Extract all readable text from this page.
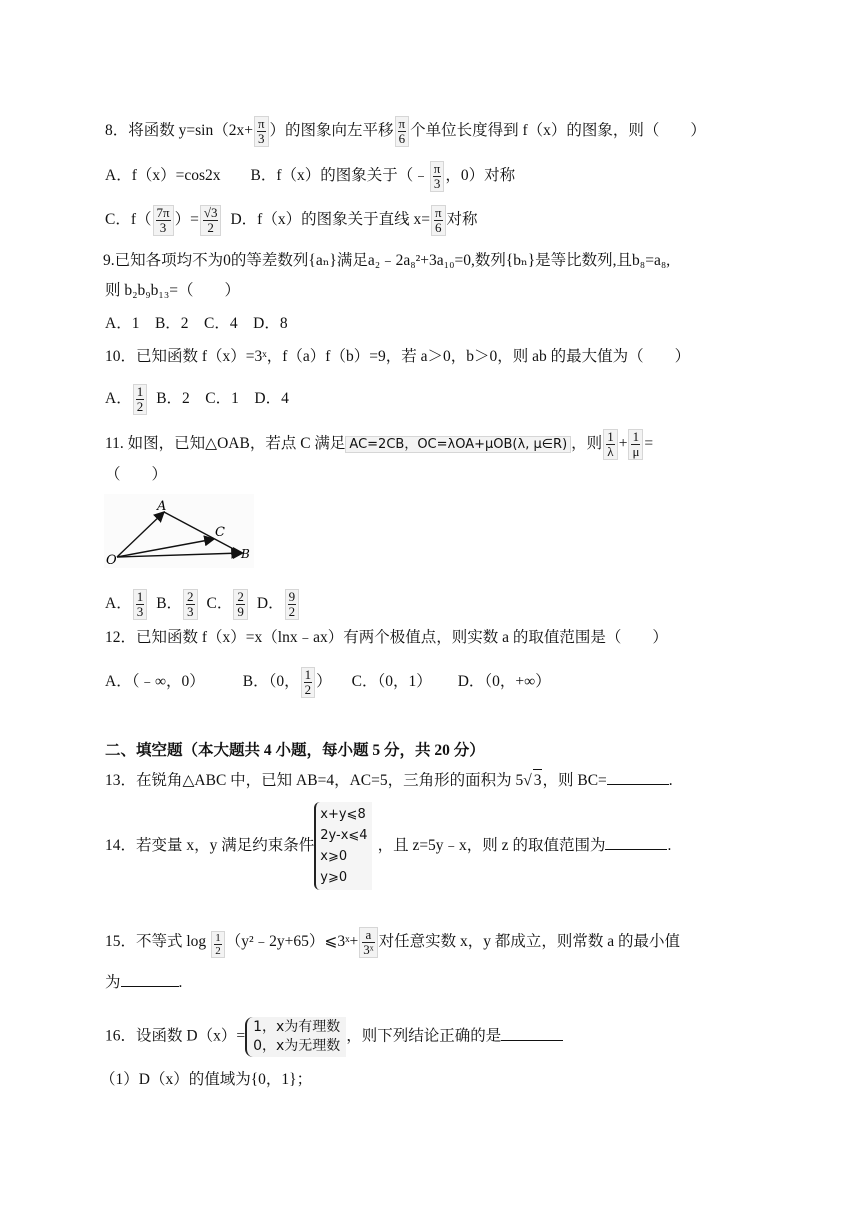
8．将函数 $y=\sin(2x+ \frac{\pi}{3}$ ）的图象向左平移 $\frac{\pi}{6}$ 个单位长度得到 f（x）的图象，则（　　）
A．f（x）=cos2x B．f（x）的图象关于（﹣ $\frac{\pi}{3}$ ，0）对称
C．$f( \frac{7\pi}{3}$ ）= $\frac{√3}{2}$ D．f（x）的图象关于直线 $x= \frac{\pi}{6}$ 对称
9.已知各项均不为0的等差数列{aₙ}满足a₂﹣2a₈²+3a₁₀=0,数列{bₙ}是等比数列,且b₈=a₈,
则 b₂b₉b₁₃=（　　）
A．1　B．2　C．4　D．8
10．已知函数 f（x）=3ˣ，f（a）f（b）=9，若 a＞0，b＞0，则 ab 的最大值为（　　）
A． $\frac{1}{2}$ B．2　C．1　D．4
11. 如图，已知△OAB，若点 C 满足 AC=2CB，OC=λOA+μOB(λ, μ∈R) ，则 $\frac{1}{\lambda} + \frac{1}{\mu}$ =
（　　）
A
C
B
O
A． $\frac{1}{3}$ B． $\frac{2}{3}$ C． $\frac{2}{9}$ D． $\frac{9}{2}$
12．已知函数 f（x）=x（lnx﹣ax）有两个极值点，则实数 a 的取值范围是（　　）
A．（﹣∞，0） B．（0， $\frac{1}{2}$ ） C．（0，1） D．（0，+∞）
二、填空题（本大题共 4 小题，每小题 5 分，共 20 分）
13．在锐角△ABC 中，已知 AB=4，AC=5，三角形的面积为 5√ 3，则 BC=	.
14．若变量 x，y 满足约束条件
x+y⩽8
2y-x⩽4
x⩾0
y⩾0
，且 z=5y﹣x，则 z 的取值范围为	.
15．不等式 $\log \frac{1}{2}$ （y²﹣2y+65）⩽3ˣ+ $\frac{a}{\text{3ˣ}}$ 对任意实数 x，y 都成立，则常数 a 的最小值
为	.
16．设函数 D（x）=
1，x为有理数
0，x为无理数
，则下列结论正确的是
（1）D（x）的值域为{0，1}；
